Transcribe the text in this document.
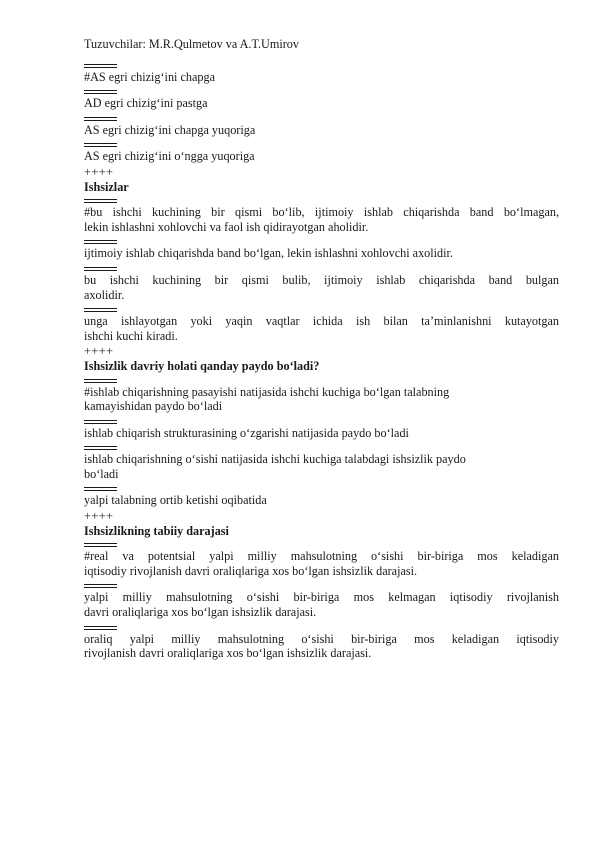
Tuzuvchilar: M.R.Qulmetov va A.T.Umirov
#AS egri chizig‘ini chapga
AD egri chizig‘ini pastga
AS egri chizig‘ini chapga yuqoriga
AS egri chizig‘ini o‘ngga yuqoriga
++++
Ishsizlar
#bu ishchi kuchining bir qismi bo‘lib, ijtimoiy ishlab chiqarishda band bo‘lmagan,
lekin ishlashni xohlovchi va faol ish qidirayotgan aholidir.
ijtimoiy ishlab chiqarishda band bo‘lgan, lekin ishlashni xohlovchi axolidir.
bu ishchi kuchining bir qismi bulib, ijtimoiy ishlab chiqarishda band bulgan
axolidir.
unga ishlayotgan yoki yaqin vaqtlar ichida ish bilan ta’minlanishni kutayotgan
ishchi kuchi kiradi.
++++
Ishsizlik davriy holati qanday paydo bo‘ladi?
#ishlab chiqarishning pasayishi natijasida ishchi kuchiga bo‘lgan talabning
kamayishidan paydo bo‘ladi
ishlab chiqarish strukturasining o‘zgarishi natijasida paydo bo‘ladi
ishlab chiqarishning o‘sishi natijasida ishchi kuchiga talabdagi ishsizlik paydo
bo‘ladi
yalpi talabning ortib ketishi oqibatida
++++
Ishsizlikning tabiiy darajasi
#real va potentsial yalpi milliy mahsulotning o‘sishi bir-biriga mos keladigan
iqtisodiy rivojlanish davri oraliqlariga xos bo‘lgan ishsizlik darajasi.
yalpi milliy mahsulotning o‘sishi bir-biriga mos kelmagan iqtisodiy rivojlanish
davri oraliqlariga xos bo‘lgan ishsizlik darajasi.
oraliq yalpi milliy mahsulotning o‘sishi bir-biriga mos keladigan iqtisodiy
rivojlanish davri oraliqlariga xos bo‘lgan ishsizlik darajasi.
